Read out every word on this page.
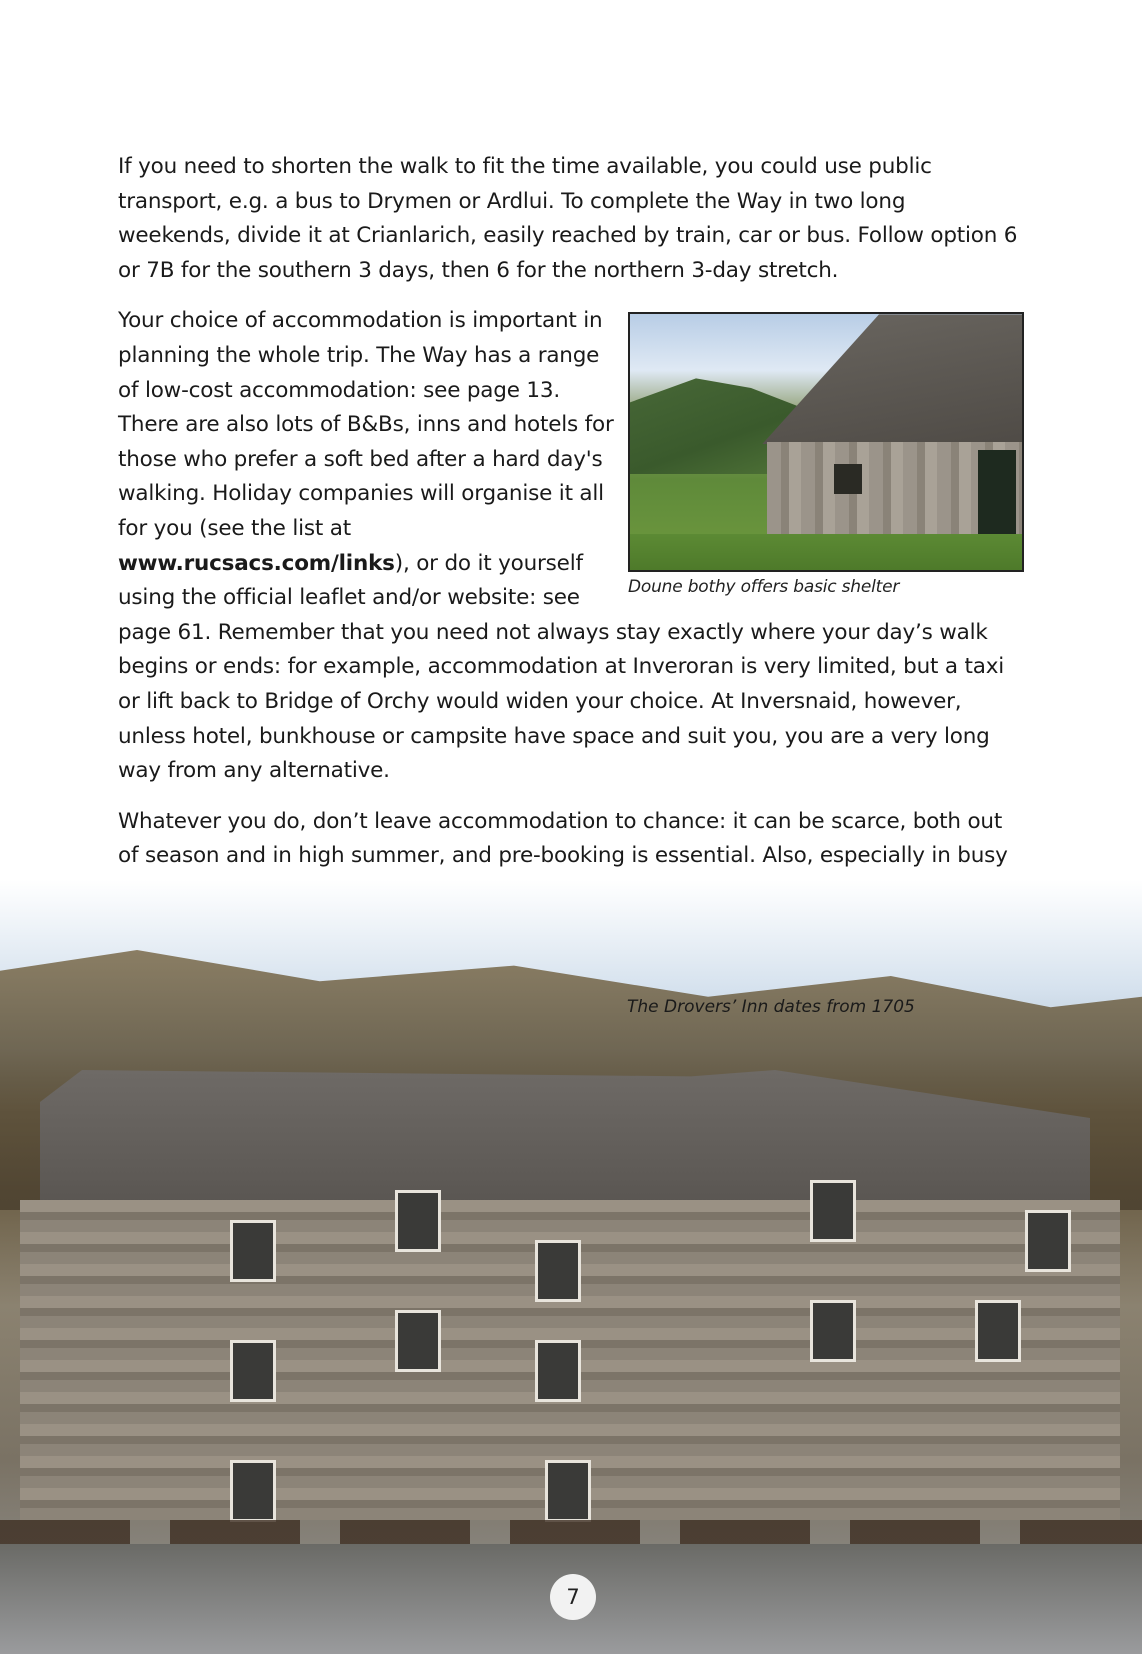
If you need to shorten the walk to fit the time available, you could use public transport, e.g. a bus to Drymen or Ardlui. To complete the Way in two long weekends, divide it at Crianlarich, easily reached by train, car or bus. Follow option 6 or 7B for the southern 3 days, then 6 for the northern 3-day stretch.

Doune bothy offers basic shelter
Your choice of accommodation is important in planning the whole trip. The Way has a range of low-cost accommodation: see page 13. There are also lots of B&Bs, inns and hotels for those who prefer a soft bed after a hard day's walking. Holiday companies will organise it all for you (see the list at www.rucsacs.com/links), or do it yourself using the official leaflet and/or website: see page 61. Remember that you need not always stay exactly where your day’s walk begins or ends: for example, accommodation at Inveroran is very limited, but a taxi or lift back to Bridge of Orchy would widen your choice. At Inversnaid, however, unless hotel, bunkhouse or campsite have space and suit you, you are a very long way from any alternative.

Whatever you do, don’t leave accommodation to chance: it can be scarce, both out of season and in high summer, and pre-booking is essential. Also, especially in busy

The Drovers’ Inn dates from 1705
7
